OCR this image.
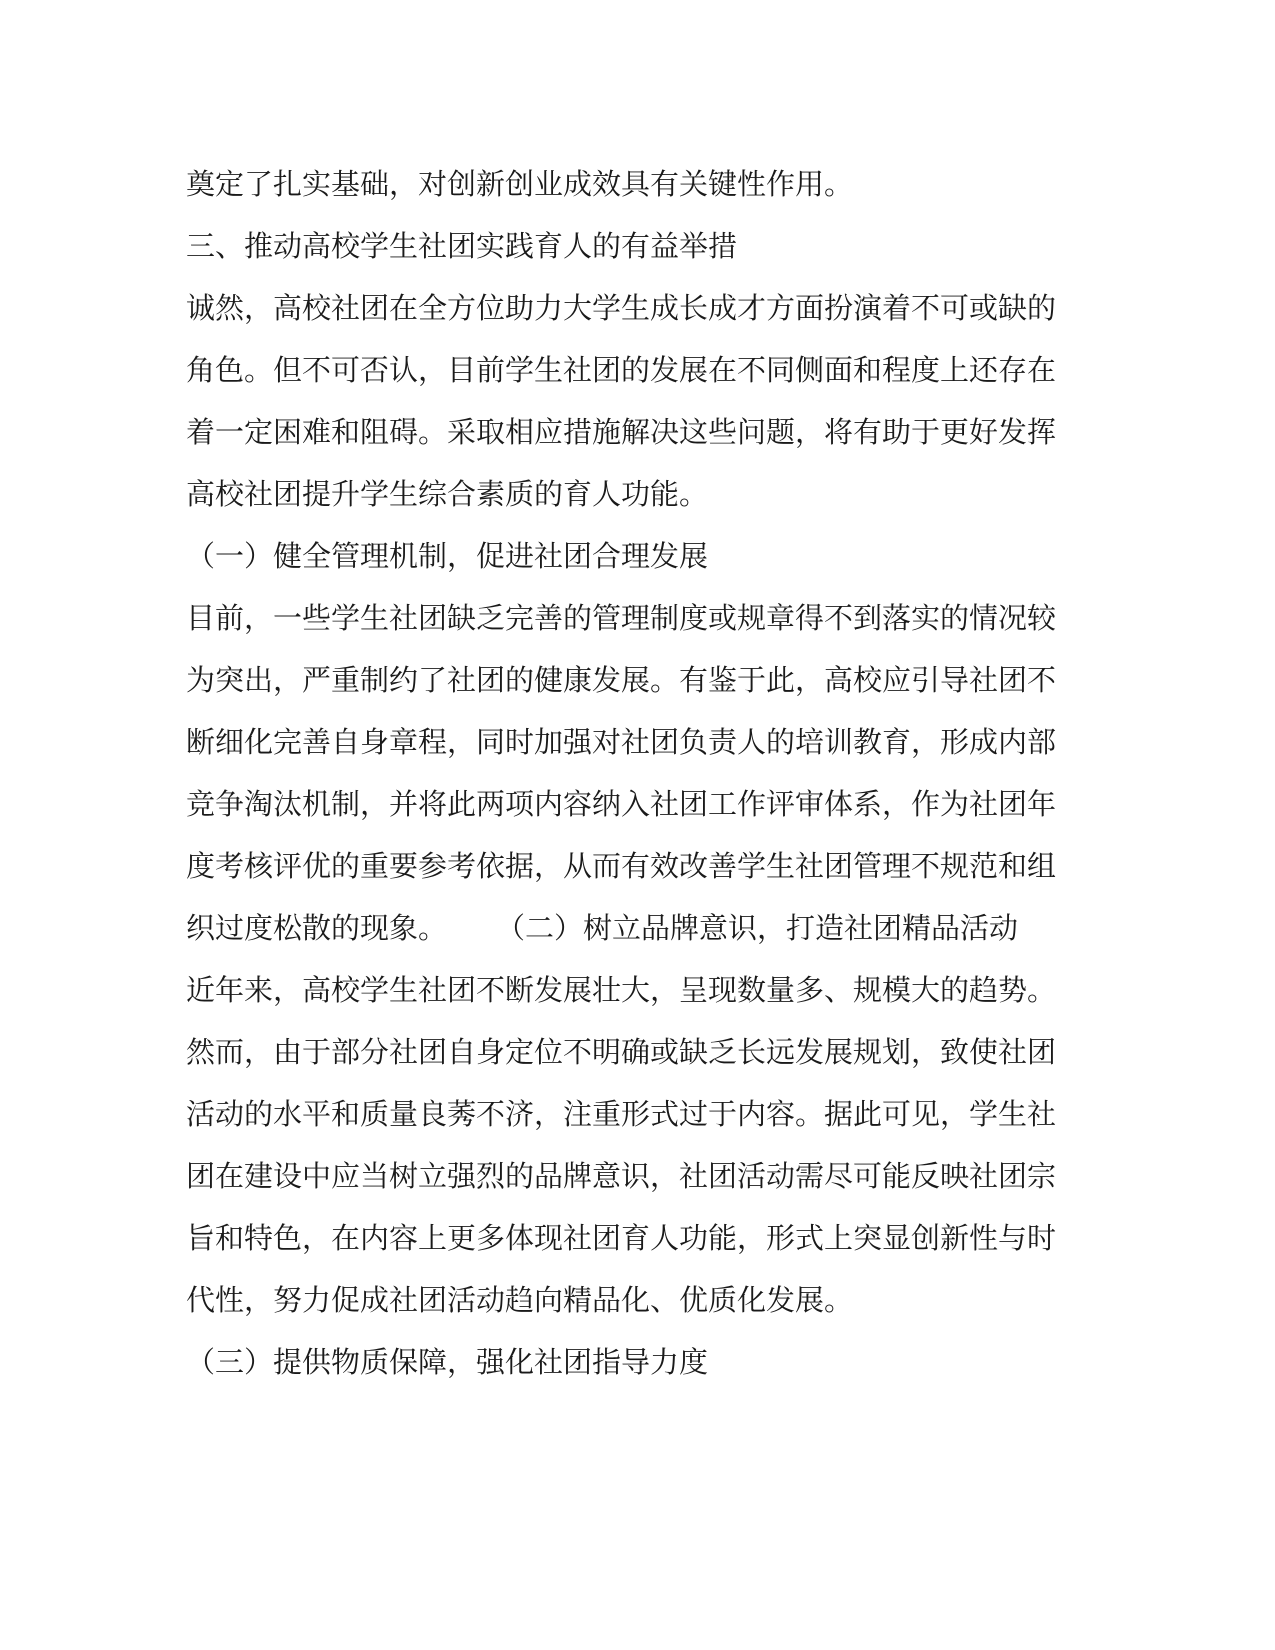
奠定了扎实基础，对创新创业成效具有关键性作用。
三、推动高校学生社团实践育人的有益举措
诚然，高校社团在全方位助力大学生成长成才方面扮演着不可或缺的
角色。但不可否认，目前学生社团的发展在不同侧面和程度上还存在
着一定困难和阻碍。采取相应措施解决这些问题，将有助于更好发挥
高校社团提升学生综合素质的育人功能。
（一）健全管理机制，促进社团合理发展
目前，一些学生社团缺乏完善的管理制度或规章得不到落实的情况较
为突出，严重制约了社团的健康发展。有鉴于此，高校应引导社团不
断细化完善自身章程，同时加强对社团负责人的培训教育，形成内部
竞争淘汰机制，并将此两项内容纳入社团工作评审体系，作为社团年
度考核评优的重要参考依据，从而有效改善学生社团管理不规范和组
织过度松散的现象。 （二）树立品牌意识，打造社团精品活动
近年来，高校学生社团不断发展壮大，呈现数量多、规模大的趋势。
然而，由于部分社团自身定位不明确或缺乏长远发展规划，致使社团
活动的水平和质量良莠不济，注重形式过于内容。据此可见，学生社
团在建设中应当树立强烈的品牌意识，社团活动需尽可能反映社团宗
旨和特色，在内容上更多体现社团育人功能，形式上突显创新性与时
代性，努力促成社团活动趋向精品化、优质化发展。
（三）提供物质保障，强化社团指导力度
